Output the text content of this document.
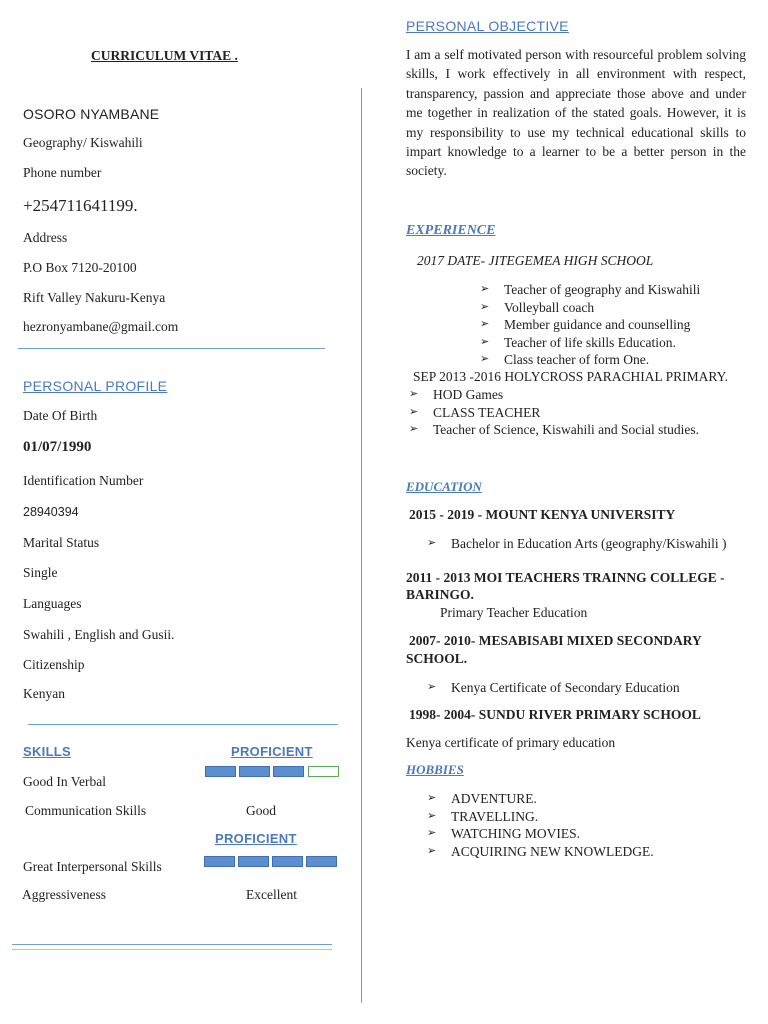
CURRICULUM VITAE .
OSORO NYAMBANE
Geography/ Kiswahili
Phone number
+254711641199.
Address
P.O Box 7120-20100
Rift Valley Nakuru-Kenya
hezronyambane@gmail.com
PERSONAL PROFILE
Date Of Birth
01/07/1990
Identification Number
28940394
Marital Status
Single
Languages
Swahili , English and Gusii.
Citizenship
Kenyan
SKILLS	PROFICIENT
Good In Verbal
Communication Skills	Good
PROFICIENT
Great Interpersonal Skills
Aggressiveness	Excellent
PERSONAL OBJECTIVE
I am a self motivated person with resourceful problem solving skills, I work effectively in all environment with respect, transparency, passion and appreciate those above and under me together in realization of the stated goals. However, it is my responsibility to use my technical educational skills to impart knowledge to a learner to be a better person in the society.
EXPERIENCE
2017 DATE- JITEGEMEA HIGH SCHOOL
➢ Teacher of geography and Kiswahili
➢ Volleyball coach
➢ Member guidance and counselling
➢ Teacher of life skills Education.
➢ Class teacher of form One.
SEP 2013 -2016 HOLYCROSS PARACHIAL PRIMARY.
➢ HOD Games
➢ CLASS TEACHER
➢ Teacher of Science, Kiswahili and Social studies.
EDUCATION
2015 - 2019 - MOUNT KENYA UNIVERSITY
➢ Bachelor in Education Arts (geography/Kiswahili )
2011 - 2013 MOI TEACHERS TRAINNG COLLEGE -
BARINGO.
Primary Teacher Education
2007- 2010- MESABISABI MIXED SECONDARY
SCHOOL.
➢ Kenya Certificate of Secondary Education
1998- 2004- SUNDU RIVER PRIMARY SCHOOL
Kenya certificate of primary education
HOBBIES
➢ ADVENTURE.
➢ TRAVELLING.
➢ WATCHING MOVIES.
➢ ACQUIRING NEW KNOWLEDGE.
